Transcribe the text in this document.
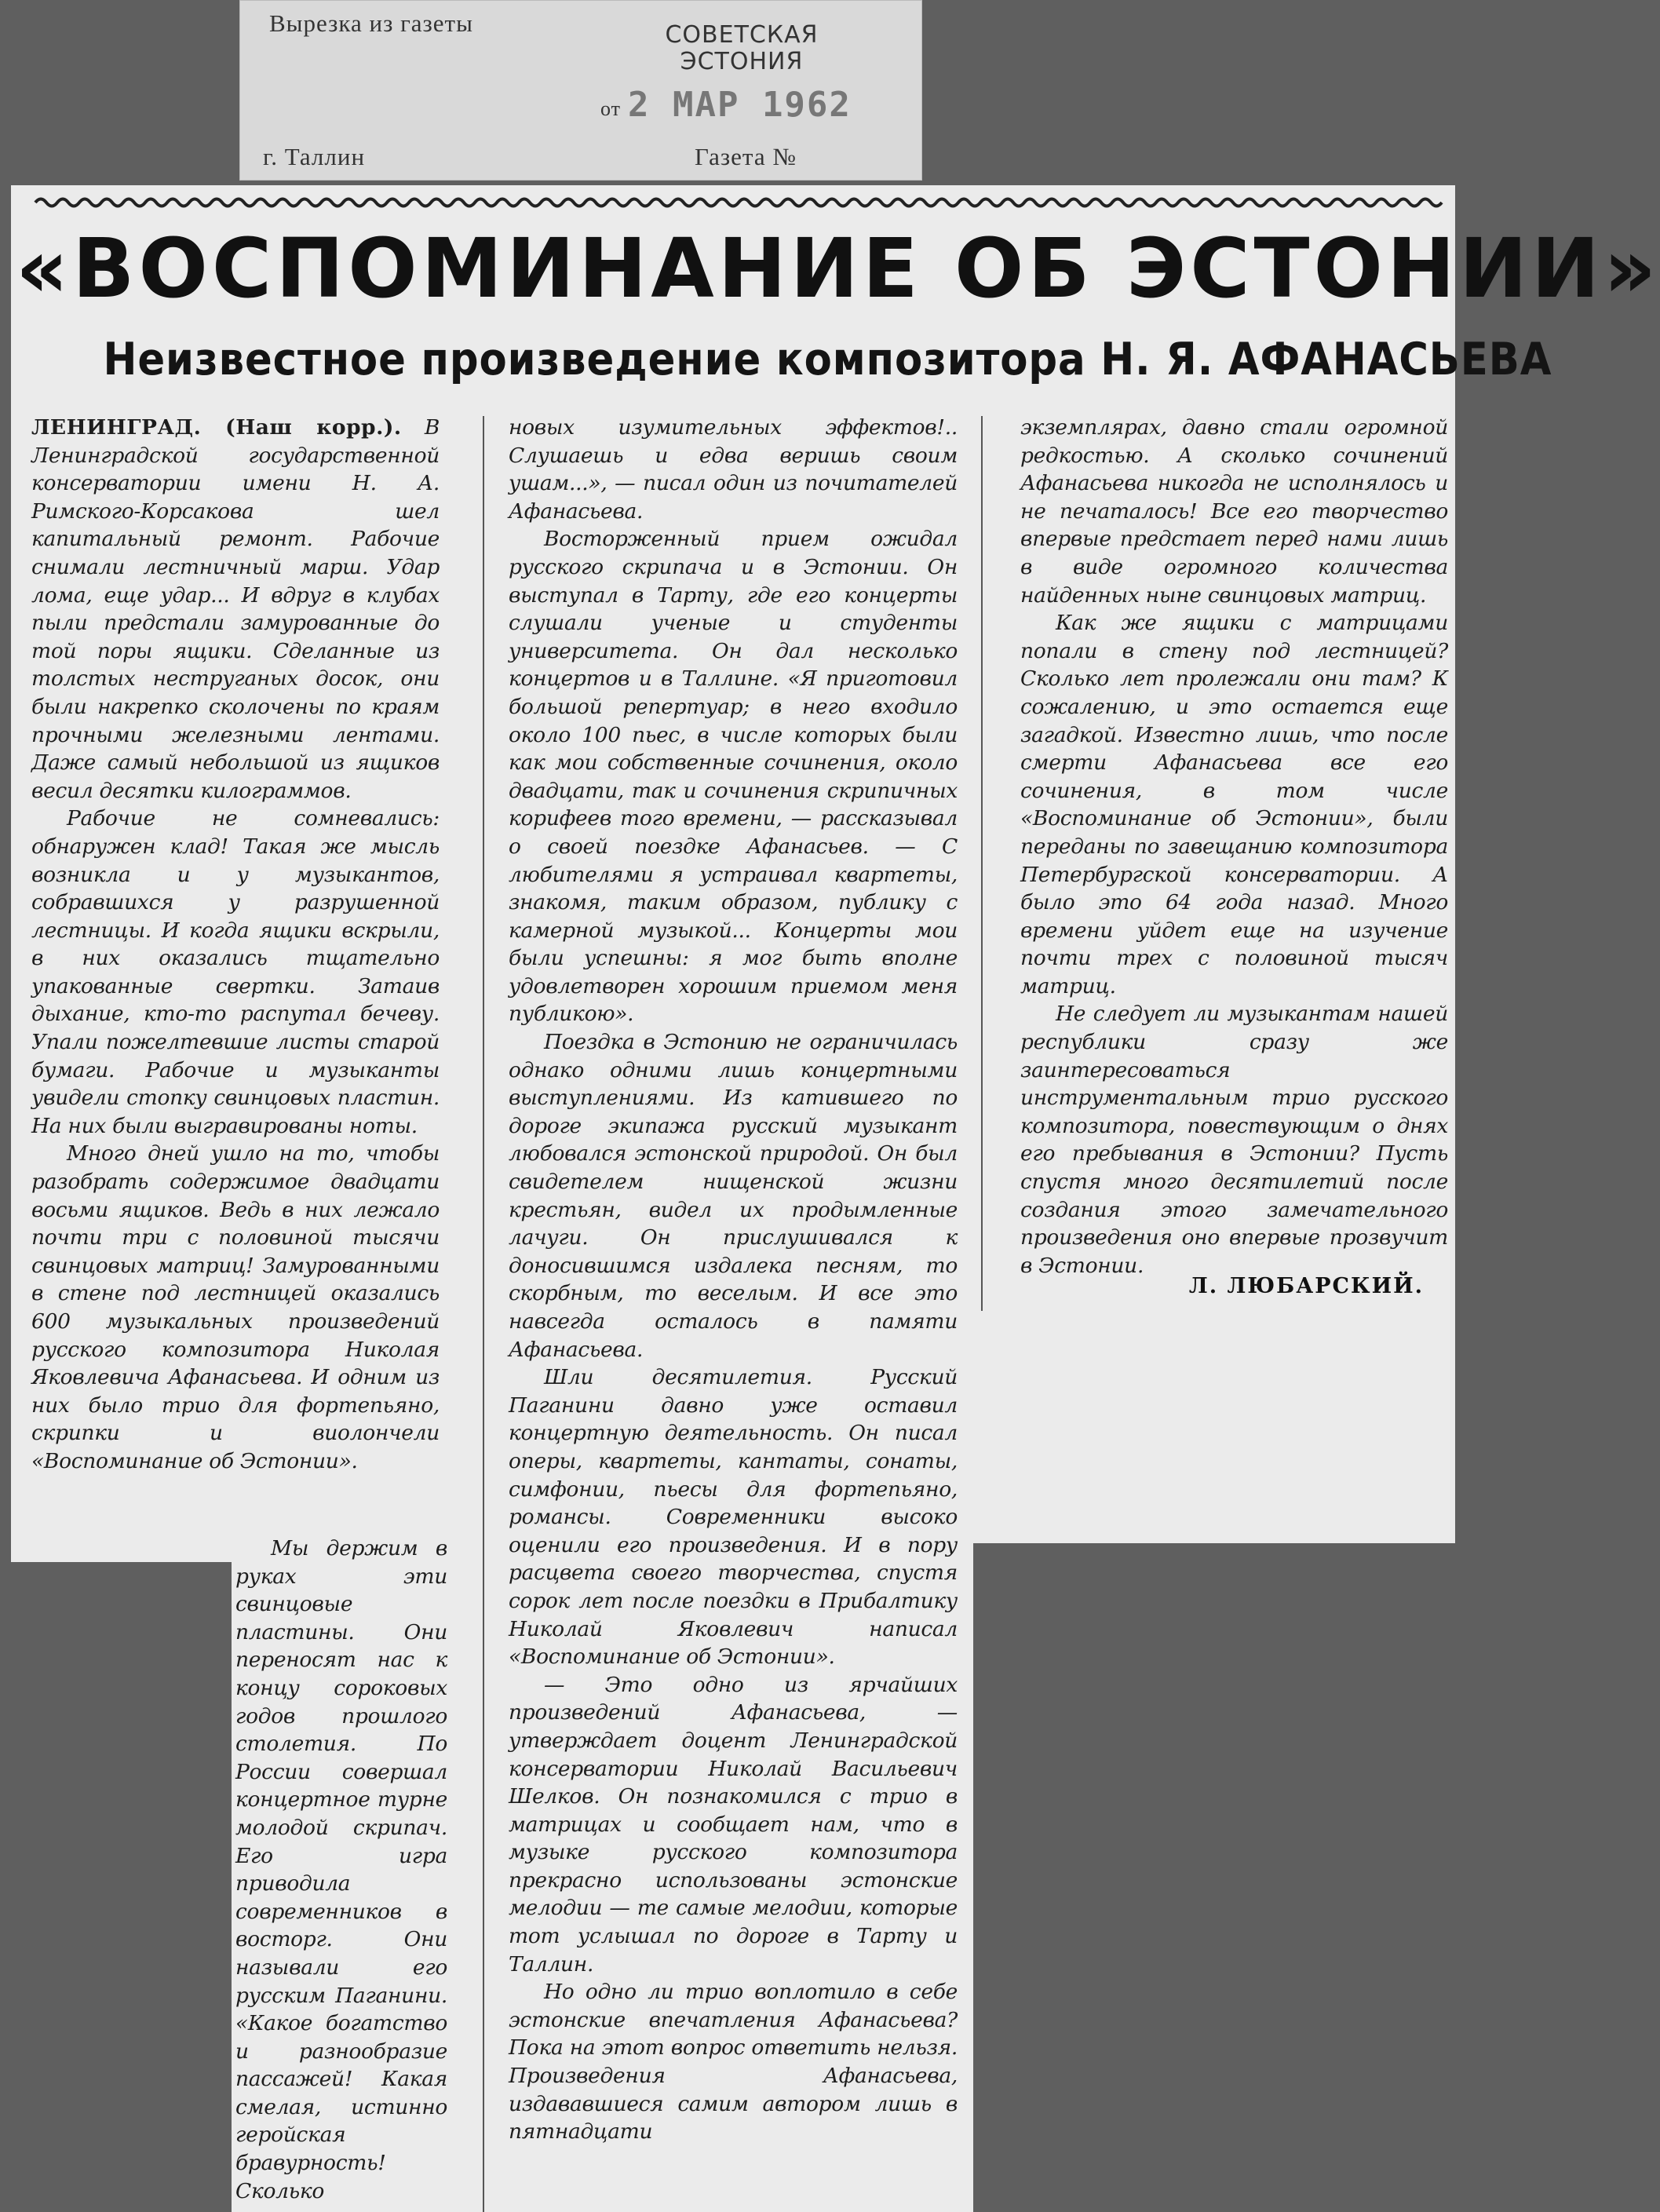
Вырезка из газеты	СОВЕТСКАЯ
ЭСТОНИЯ
от 2 МАР 1962
г. Таллин	Газета №
«ВОСПОМИНАНИЕ ОБ ЭСТОНИИ»
Неизвестное произведение композитора Н. Я. АФАНАСЬЕВА

ЛЕНИНГРАД. (Наш корр.). В Ленинградской государственной консерватории имени Н. А. Римского-Корсакова шел капитальный ремонт. Рабочие снимали лестничный марш. Удар лома, еще удар... И вдруг в клубах пыли предстали замурованные до той поры ящики. Сделанные из толстых неструганых досок, они были накрепко сколочены по краям прочными железными лентами. Даже самый небольшой из ящиков весил десятки килограммов.

Рабочие не сомневались: обнаружен клад! Такая же мысль возникла и у музыкантов, собравшихся у разрушенной лестницы. И когда ящики вскрыли, в них оказались тщательно упакованные свертки. Затаив дыхание, кто-то распутал бечеву. Упали пожелтевшие листы старой бумаги. Рабочие и музыканты увидели стопку свинцовых пластин. На них были выгравированы ноты.

Много дней ушло на то, чтобы разобрать содержимое двадцати восьми ящиков. Ведь в них лежало почти три с половиной тысячи свинцовых матриц! Замурованными в стене под лестницей оказались 600 музыкальных произведений русского композитора Николая Яковлевича Афанасьева. И одним из них было трио для фортепьяно, скрипки и виолончели «Воспоминание об Эстонии».

Мы держим в руках эти свинцовые пластины. Они переносят нас к концу сороковых годов прошлого столетия. По России совершал концертное турне молодой скрипач. Его игра приводила современников в восторг. Они называли его русским Паганини. «Какое богатство и разнообразие пассажей! Какая смелая, истинно геройская бравурность! Сколько

новых изумительных эффектов!.. Слушаешь и едва веришь своим ушам...», — писал один из почитателей Афанасьева.

Восторженный прием ожидал русского скрипача и в Эстонии. Он выступал в Тарту, где его концерты слушали ученые и студенты университета. Он дал несколько концертов и в Таллине. «Я приготовил большой репертуар; в него входило около 100 пьес, в числе которых были как мои собственные сочинения, около двадцати, так и сочинения скрипичных корифеев того времени, — рассказывал о своей поездке Афанасьев. — С любителями я устраивал квартеты, знакомя, таким образом, публику с камерной музыкой... Концерты мои были успешны: я мог быть вполне удовлетворен хорошим приемом меня публикою».

Поездка в Эстонию не ограничилась однако одними лишь концертными выступлениями. Из катившего по дороге экипажа русский музыкант любовался эстонской природой. Он был свидетелем нищенской жизни крестьян, видел их продымленные лачуги. Он прислушивался к доносившимся издалека песням, то скорбным, то веселым. И все это навсегда осталось в памяти Афанасьева.

Шли десятилетия. Русский Паганини давно уже оставил концертную деятельность. Он писал оперы, квартеты, кантаты, сонаты, симфонии, пьесы для фортепьяно, романсы. Современники высоко оценили его произведения. И в пору расцвета своего творчества, спустя сорок лет после поездки в Прибалтику Николай Яковлевич написал «Воспоминание об Эстонии».

— Это одно из ярчайших произведений Афанасьева, — утверждает доцент Ленинградской консерватории Николай Васильевич Шелков. Он познакомился с трио в матрицах и сообщает нам, что в музыке русского композитора прекрасно использованы эстонские мелодии — те самые мелодии, которые тот услышал по дороге в Тарту и Таллин.

Но одно ли трио воплотило в себе эстонские впечатления Афанасьева? Пока на этот вопрос ответить нельзя. Произведения Афанасьева, издававшиеся самим автором лишь в пятнадцати

экземплярах, давно стали огромной редкостью. А сколько сочинений Афанасьева никогда не исполнялось и не печаталось! Все его творчество впервые предстает перед нами лишь в виде огромного количества найденных ныне свинцовых матриц.

Как же ящики с матрицами попали в стену под лестницей? Сколько лет пролежали они там? К сожалению, и это остается еще загадкой. Известно лишь, что после смерти Афанасьева все его сочинения, в том числе «Воспоминание об Эстонии», были переданы по завещанию композитора Петербургской консерватории. А было это 64 года назад. Много времени уйдет еще на изучение почти трех с половиной тысяч матриц.

Не следует ли музыкантам нашей республики сразу же заинтересоваться инструментальным трио русского композитора, повествующим о днях его пребывания в Эстонии? Пусть спустя много десятилетий после создания этого замечательного произведения оно впервые прозвучит в Эстонии.

Л. ЛЮБАРСКИЙ.
